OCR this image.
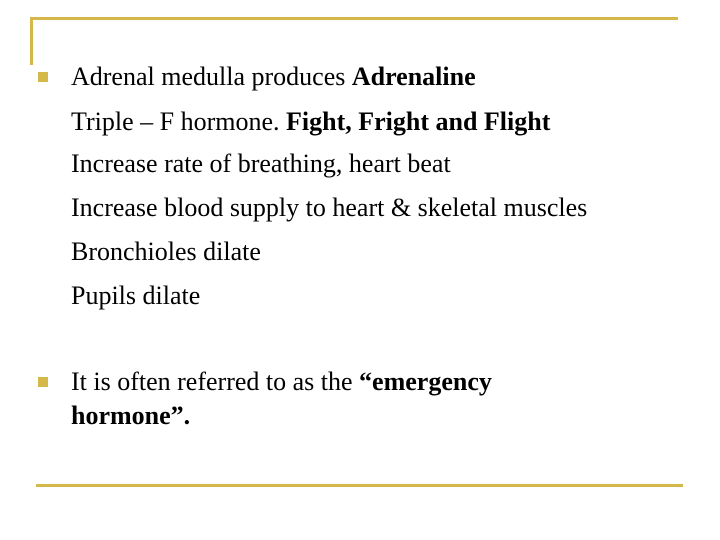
Adrenal medulla produces Adrenaline
Triple – F hormone. Fight, Fright and Flight
Increase rate of breathing, heart beat
Increase blood supply to heart & skeletal muscles
Bronchioles dilate
Pupils dilate
It is often referred to as the “emergency
hormone”.
